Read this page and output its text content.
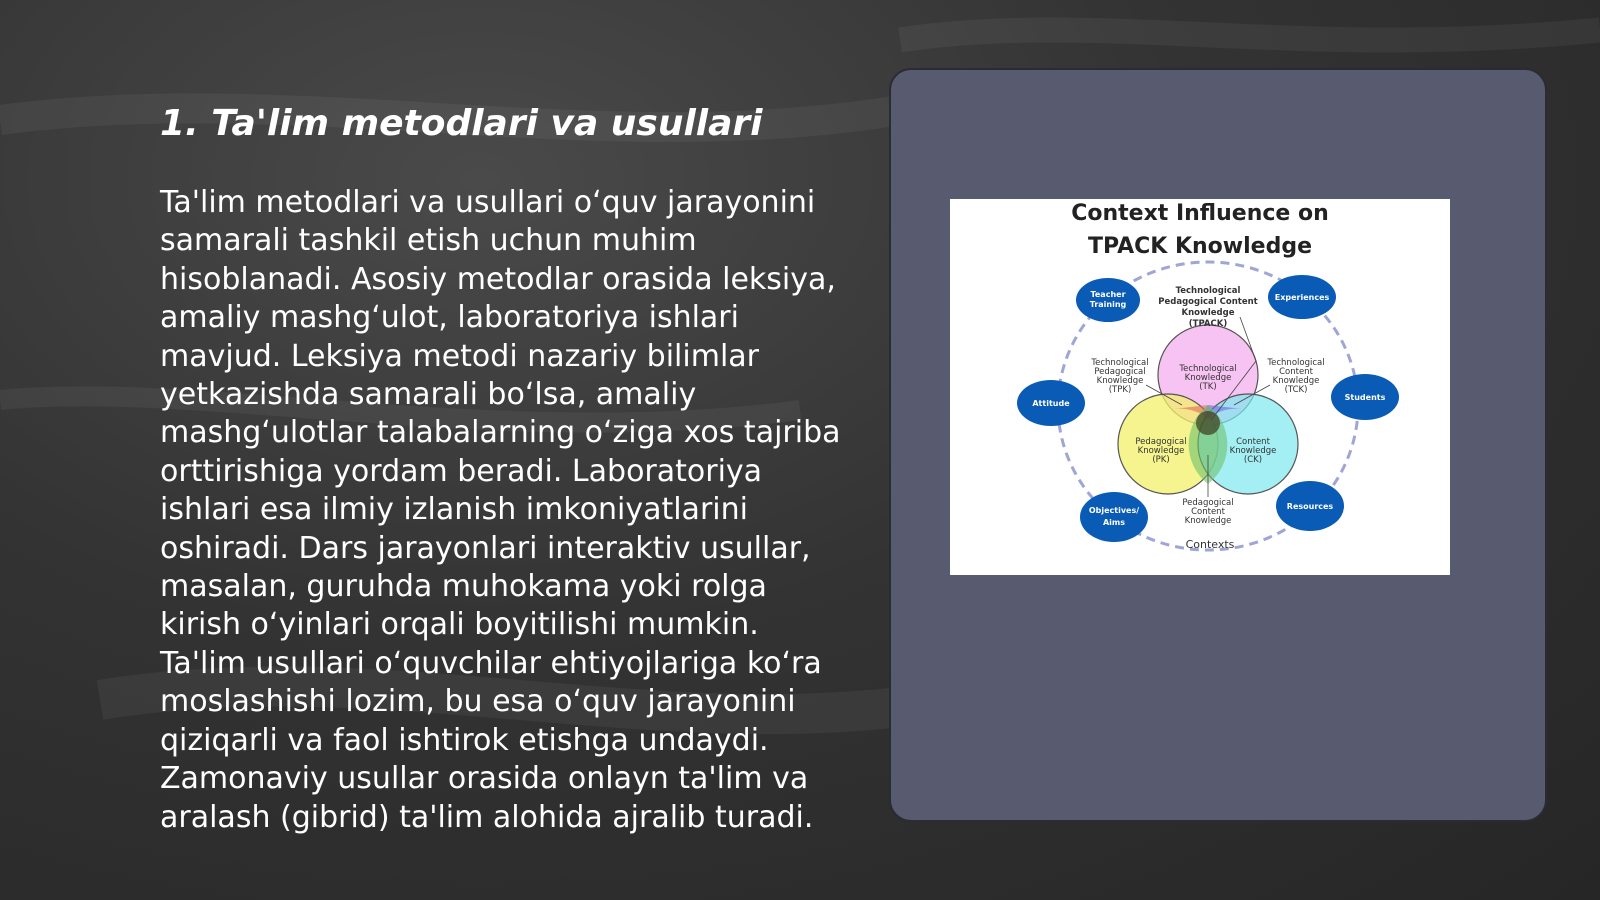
1. Ta'lim metodlari va usullari
Ta'lim metodlari va usullari o‘quv jarayonini
samarali tashkil etish uchun muhim
hisoblanadi. Asosiy metodlar orasida leksiya,
amaliy mashg‘ulot, laboratoriya ishlari
mavjud. Leksiya metodi nazariy bilimlar
yetkazishda samarali bo‘lsa, amaliy
mashg‘ulotlar talabalarning o‘ziga xos tajriba
orttirishiga yordam beradi. Laboratoriya
ishlari esa ilmiy izlanish imkoniyatlarini
oshiradi. Dars jarayonlari interaktiv usullar,
masalan, guruhda muhokama yoki rolga
kirish o‘yinlari orqali boyitilishi mumkin.
Ta'lim usullari o‘quvchilar ehtiyojlariga ko‘ra
moslashishi lozim, bu esa o‘quv jarayonini
qiziqarli va faol ishtirok etishga undaydi.
Zamonaviy usullar orasida onlayn ta'lim va
aralash (gibrid) ta'lim alohida ajralib turadi.
Context Influence on
TPACK Knowledge
Technological
Knowledge
(TK)
Pedagogical
Knowledge
(PK)
Content
Knowledge
(CK)
Technological
Pedagogical Content
Knowledge
(TPACK)
Technological
Pedagogical
Knowledge
(TPK)
Technological
Content
Knowledge
(TCK)
Pedagogical
Content
Knowledge
Contexts
Teacher
Training
Experiences
Attitude
Students
Objectives/
Aims
Resources
